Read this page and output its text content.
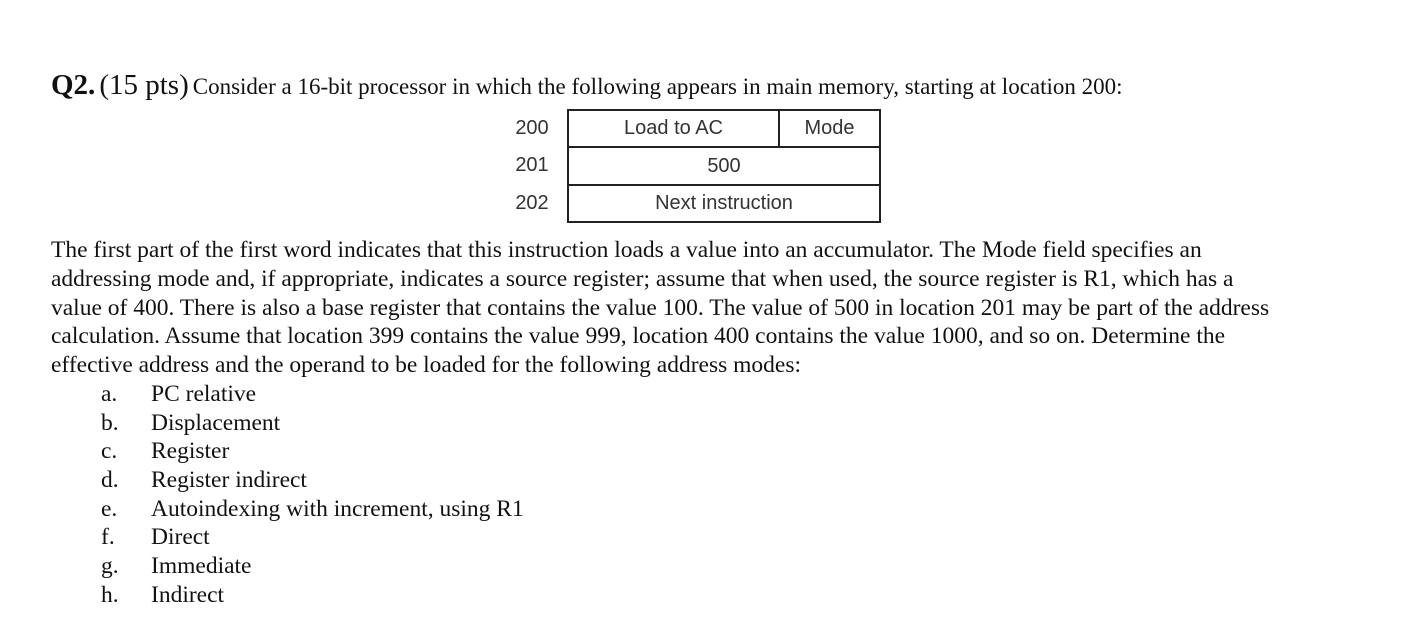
Q2. (15 pts) Consider a 16-bit processor in which the following appears in main memory, starting at location 200:
200
201
202
Load to AC	Mode
500
Next instruction

The first part of the first word indicates that this instruction loads a value into an accumulator. The Mode field specifies an
addressing mode and, if appropriate, indicates a source register; assume that when used, the source register is R1, which has a
value of 400. There is also a base register that contains the value 100. The value of 500 in location 201 may be part of the address
calculation. Assume that location 399 contains the value 999, location 400 contains the value 1000, and so on. Determine the
effective address and the operand to be loaded for the following address modes:

a. PC relative
b. Displacement
c. Register
d. Register indirect
e. Autoindexing with increment, using R1
f. Direct
g. Immediate
h. Indirect
